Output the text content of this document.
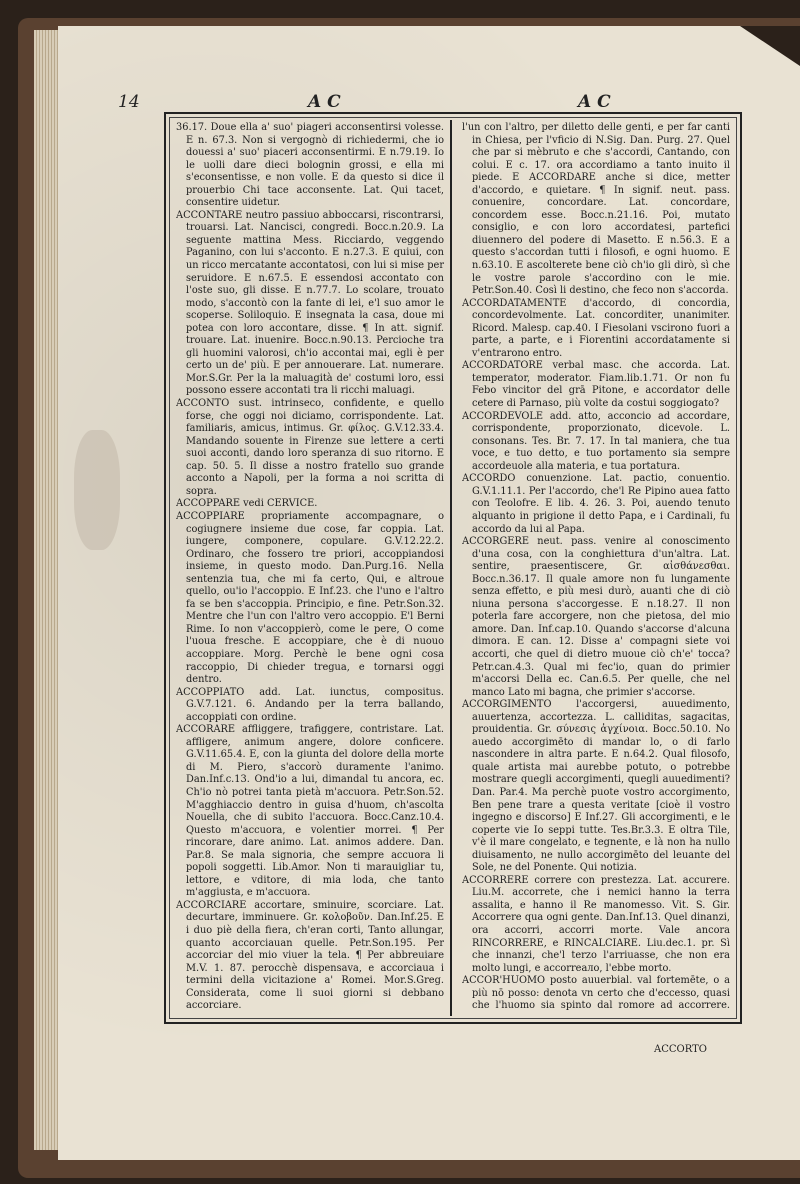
14	A C	A C

36.17. Doue ella a' suo' piageri acconsentirsi volesse. E n. 67.3. Non si vergognò di richiedermi, che io douessi a' suo' piaceri acconsentirmi. E n.79.19. Io le uolli dare dieci bolognin grossi, e ella mi s'econsentisse, e non volle. E da questo si dice il prouerbio Chi tace acconsente. Lat. Qui tacet, consentire uidetur.

ACCONTARE neutro passiuo abboccarsi, riscontrarsi, trouarsi. Lat. Nancisci, congredi. Bocc.n.20.9. La seguente mattina Mess. Ricciardo, veggendo Paganino, con lui s'acconto. E n.27.3. E quiui, con un ricco mercatante accontatosi, con lui si mise per seruidore. E n.67.5. E essendosi accontato con l'oste suo, gli disse. E n.77.7. Lo scolare, trouato modo, s'accontò con la fante di lei, e'l suo amor le scoperse. Soliloquio. E insegnata la casa, doue mi potea con loro accontare, disse. ¶ In att. signif. trouare. Lat. inuenire. Bocc.n.90.13. Percioche tra gli huomini valorosi, ch'io accontai mai, egli è per certo un de' più. E per annouerare. Lat. numerare. Mor.S.Gr. Per la la maluagità de' costumi loro, essi possono essere accontati tra li ricchi maluagi.

ACCONTO sust. intrinseco, confidente, e quello forse, che oggi noi diciamo, corrispondente. Lat. familiaris, amicus, intimus. Gr. φίλος. G.V.12.33.4. Mandando souente in Firenze sue lettere a certi suoi acconti, dando loro speranza di suo ritorno. E cap. 50. 5. Il disse a nostro fratello suo grande acconto a Napoli, per la forma a noi scritta di sopra.

ACCOPPARE vedi CERVICE.

ACCOPPIARE propriamente accompagnare, o cogiugnere insieme due cose, far coppia. Lat. iungere, componere, copulare. G.V.12.22.2. Ordinaro, che fossero tre priori, accoppiandosi insieme, in questo modo. Dan.Purg.16. Nella sentenzia tua, che mi fa certo, Qui, e altroue quello, ou'io l'accoppio. E Inf.23. che l'uno e l'altro fa se ben s'accoppia. Principio, e fine. Petr.Son.32. Mentre che l'un con l'altro vero accoppio. E'l Berni Rime. Io non v'accoppierò, come le pere, O come l'uoua fresche. E accoppiare, che è di nuouo accoppiare. Morg. Perchè le bene ogni cosa raccoppio, Di chieder tregua, e tornarsi oggi dentro.

ACCOPPIATO add. Lat. iunctus, compositus. G.V.7.121. 6. Andando per la terra ballando, accoppiati con ordine.

ACCORARE affliggere, trafiggere, contristare. Lat. affligere, animum angere, dolore conficere. G.V.11.65.4. E, con la giunta del dolore della morte di M. Piero, s'accorò duramente l'animo. Dan.Inf.c.13. Ond'io a lui, dimandal tu ancora, ec. Ch'io nò potrei tanta pietà m'accuora. Petr.Son.52. M'agghiaccio dentro in guisa d'huom, ch'ascolta Nouella, che di subito l'accuora. Bocc.Canz.10.4. Questo m'accuora, e volentier morrei. ¶ Per rincorare, dare animo. Lat. animos addere. Dan. Par.8. Se mala signoria, che sempre accuora li popoli soggetti. Lib.Amor. Non ti marauigliar tu, lettore, e vditore, di mia loda, che tanto m'aggiusta, e m'accuora.

ACCORCIARE accortare, sminuire, scorciare. Lat. decurtare, imminuere. Gr. κολοβοῦν. Dan.Inf.25. E i duo piè della fiera, ch'eran corti, Tanto allungar, quanto accorciauan quelle. Petr.Son.195. Per accorciar del mio viuer la tela. ¶ Per abbreuiare M.V. 1. 87. perocchè dispensava, e accorciaua i termini della vicitazione a' Romei. Mor.S.Greg. Considerata, come li suoi giorni si debbano accorciare.

l'un con l'altro, per diletto delle genti, e per far canti in Chiesa, per l'vficio di N.Sig. Dan. Purg. 27. Quel che par si mèbruto e che s'accordi, Cantando, con colui. E c. 17. ora accordiamo a tanto inuito il piede. E ACCORDARE anche si dice, metter d'accordo, e quietare. ¶ In signif. neut. pass. conuenire, concordare. Lat. concordare, concordem esse. Bocc.n.21.16. Poi, mutato consiglio, e con loro accordatesi, partefici diuennero del podere di Masetto. E n.56.3. E a questo s'accordan tutti i filosofi, e ogni huomo. E n.63.10. E ascolterete bene ciò ch'io gli dirò, sì che le vostre parole s'accordino con le mie. Petr.Son.40. Così li destino, che feco non s'accorda.

ACCORDATAMENTE d'accordo, di concordia, concordevolmente. Lat. concorditer, unanimiter. Ricord. Malesp. cap.40. I Fiesolani vscirono fuori a parte, a parte, e i Fiorentini accordatamente si v'entrarono entro.

ACCORDATORE verbal masc. che accorda. Lat. temperator, moderator. Fiam.lib.1.71. Or non fu Febo vincitor del grā Pitone, e accordator delle cetere di Parnaso, più volte da costui soggiogato?

ACCORDEVOLE add. atto, acconcio ad accordare, corrispondente, proporzionato, dicevole. L. consonans. Tes. Br. 7. 17. In tal maniera, che tua voce, e tuo detto, e tuo portamento sia sempre accordeuole alla materia, e tua portatura.

ACCORDO conuenzione. Lat. pactio, conuentio. G.V.1.11.1. Per l'accordo, che'l Re Pipino auea fatto con Teolofre. E lib. 4. 26. 3. Poi, auendo tenuto alquanto in prigione il detto Papa, e i Cardinali, fu accordo da lui al Papa.

ACCORGERE neut. pass. venire al conoscimento d'una cosa, con la conghiettura d'un'altra. Lat. sentire, praesentiscere, Gr. αἰσθάνεσθαι. Bocc.n.36.17. Il quale amore non fu lungamente senza effetto, e più mesi durò, auanti che di ciò niuna persona s'accorgesse. E n.18.27. Il non poterla fare accorgere, non che pietosa, del mio amore. Dan. Inf.cap.10. Quando s'accorse d'alcuna dimora. E can. 12. Disse a' compagni siete voi accorti, che quel di dietro muoue ciò ch'e' tocca? Petr.can.4.3. Qual mi fec'io, quan do primier m'accorsi Della ec. Can.6.5. Per quelle, che nel manco Lato mi bagna, che primier s'accorse.

ACCORGIMENTO l'accorgersi, auuedimento, auuertenza, accortezza. L. calliditas, sagacitas, prouidentia. Gr. σύνεσις ἀγχίνοια. Bocc.50.10. No auedo accorgimēto di mandar lo, o di farlo nascondere in altra parte. E n.64.2. Qual filosofo, quale artista mai aurebbe potuto, o potrebbe mostrare quegli accorgimenti, quegli auuedimenti? Dan. Par.4. Ma perchè puote vostro accorgimento, Ben pene trare a questa veritate [cioè il vostro ingegno e discorso] E Inf.27. Gli accorgimenti, e le coperte vie Io seppi tutte. Tes.Br.3.3. E oltra Tile, v'è il mare congelato, e tegnente, e là non ha nullo diuisamento, ne nullo accorgimēto del leuante del Sole, ne del Ponente. Qui notizia.

ACCORRERE correre con prestezza. Lat. accurere. Liu.M. accorrete, che i nemici hanno la terra assalita, e hanno il Re manomesso. Vit. S. Gir. Accorrere qua ogni gente. Dan.Inf.13. Quel dinanzi, ora accorri, accorri morte. Vale ancora RINCORRERE, e RINCALCIARE. Liu.dec.1. pr. Sì che innanzi, che'l terzo l'arriuasse, che non era molto lungi, e accorreало, l'ebbe morto.

ACCOR'HUOMO posto auuerbial. val fortemēte, o a più nō posso: denota vn certo che d'eccesso, quasi che l'huomo sia spinto dal romore ad accorrere.

ACCORTO
